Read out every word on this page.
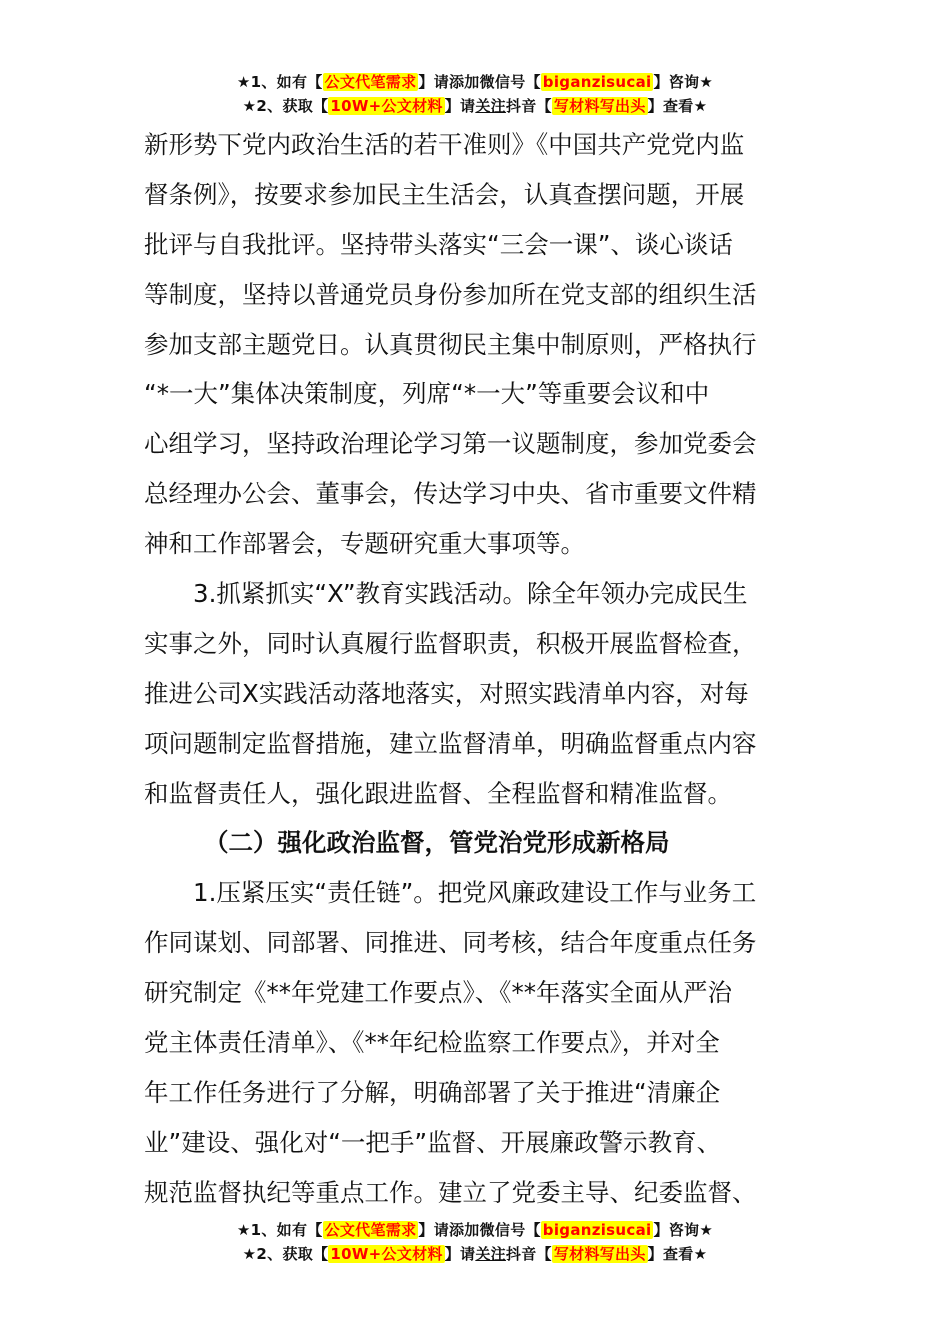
★1、如有【 公文代笔需求 】请添加微信号【 biganzisucai 】咨询★
★2、获取【 10W+公文材料 】请关注抖音【 写材料写出头 】查看★
新形势下党内政治生活的若干准则》《中国共产党党内监
督条例》，按要求参加民主生活会，认真查摆问题，开展
批评与自我批评。坚持带头落实“三会一课”、谈心谈话
等制度，坚持以普通党员身份参加所在党支部的组织生活
参加支部主题党日。认真贯彻民主集中制原则，严格执行
“*一大”集体决策制度，列席“*一大”等重要会议和中
心组学习，坚持政治理论学习第一议题制度，参加党委会
总经理办公会、董事会，传达学习中央、省市重要文件精
神和工作部署会，专题研究重大事项等。
3.抓紧抓实“X”教育实践活动。除全年领办完成民生
实事之外，同时认真履行监督职责，积极开展监督检查，
推进公司X实践活动落地落实，对照实践清单内容，对每
项问题制定监督措施，建立监督清单，明确监督重点内容
和监督责任人，强化跟进监督、全程监督和精准监督。
（二）强化政治监督，管党治党形成新格局
1.压紧压实“责任链”。把党风廉政建设工作与业务工
作同谋划、同部署、同推进、同考核，结合年度重点任务
研究制定《**年党建工作要点》、《**年落实全面从严治
党主体责任清单》、《**年纪检监察工作要点》，并对全
年工作任务进行了分解，明确部署了关于推进“清廉企
业”建设、强化对“一把手”监督、开展廉政警示教育、
规范监督执纪等重点工作。建立了党委主导、纪委监督、
★1、如有【 公文代笔需求 】请添加微信号【 biganzisucai 】咨询★
★2、获取【 10W+公文材料 】请关注抖音【 写材料写出头 】查看★
